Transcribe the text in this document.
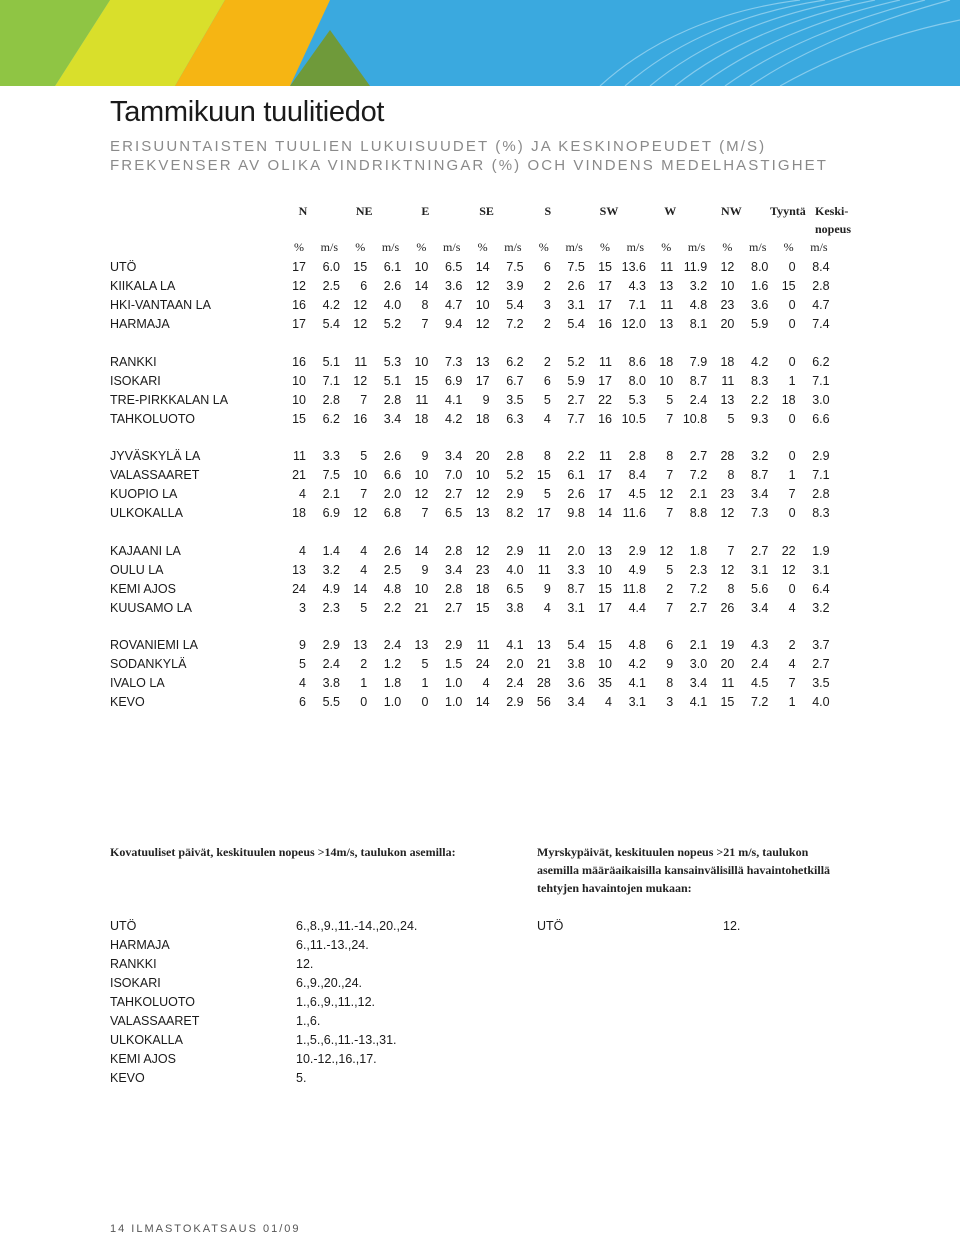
Tammikuun tuulitiedot

ERISUUNTAISTEN TUULIEN LUKUISUUDET (%) JA KESKINOPEUDET (M/S)

FREKVENSER AV OLIKA VINDRIKTNINGAR (%) OCH VINDENS MEDELHASTIGHET

N	NE	E	SE	S	SW	W	NW	Tyyntä Keski-
nopeus
%	m/s	%	m/s	%	m/s	%	m/s	%	m/s	%	m/s	%	m/s	%	m/s	%	m/s
UTÖ	17	6.0	15	6.1	10	6.5	14	7.5	6	7.5	15 13.6	11 11.9	12	8.0	0	8.4
KIIKALA LA	12	2.5	6	2.6	14	3.6	12	3.9	2	2.6	17	4.3	13	3.2	10	1.6	15	2.8
HKI-VANTAAN LA	16	4.2	12	4.0	8	4.7	10	5.4	3	3.1	17	7.1	11	4.8	23	3.6	0	4.7
HARMAJA	17	5.4	12	5.2	7	9.4	12	7.2	2	5.4	16 12.0	13	8.1	20	5.9	0	7.4
RANKKI	16	5.1	11	5.3	10	7.3	13	6.2	2	5.2	11	8.6	18	7.9	18	4.2	0	6.2
ISOKARI	10	7.1	12	5.1	15	6.9	17	6.7	6	5.9	17	8.0	10	8.7	11	8.3	1	7.1
TRE-PIRKKALAN LA	10	2.8	7	2.8	11	4.1	9	3.5	5	2.7	22	5.3	5	2.4	13	2.2	18	3.0
TAHKOLUOTO	15	6.2	16	3.4	18	4.2	18	6.3	4	7.7	16 10.5	7 10.8	5	9.3	0	6.6
JYVÄSKYLÄ LA	11	3.3	5	2.6	9	3.4	20	2.8	8	2.2	11	2.8	8	2.7	28	3.2	0	2.9
VALASSAARET	21	7.5	10	6.6	10	7.0	10	5.2	15	6.1	17	8.4	7	7.2	8	8.7	1	7.1
KUOPIO LA	4	2.1	7	2.0	12	2.7	12	2.9	5	2.6	17	4.5	12	2.1	23	3.4	7	2.8
ULKOKALLA	18	6.9	12	6.8	7	6.5	13	8.2	17	9.8	14 11.6	7	8.8	12	7.3	0	8.3
KAJAANI LA	4	1.4	4	2.6	14	2.8	12	2.9	11	2.0	13	2.9	12	1.8	7	2.7	22	1.9
OULU LA	13	3.2	4	2.5	9	3.4	23	4.0	11	3.3	10	4.9	5	2.3	12	3.1	12	3.1
KEMI AJOS	24	4.9	14	4.8	10	2.8	18	6.5	9	8.7	15 11.8	2	7.2	8	5.6	0	6.4
KUUSAMO LA	3	2.3	5	2.2	21	2.7	15	3.8	4	3.1	17	4.4	7	2.7	26	3.4	4	3.2
ROVANIEMI LA	9	2.9	13	2.4	13	2.9	11	4.1	13	5.4	15	4.8	6	2.1	19	4.3	2	3.7
SODANKYLÄ	5	2.4	2	1.2	5	1.5	24	2.0	21	3.8	10	4.2	9	3.0	20	2.4	4	2.7
IVALO LA	4	3.8	1	1.8	1	1.0	4	2.4	28	3.6	35	4.1	8	3.4	11	4.5	7	3.5
KEVO	6	5.5	0	1.0	0	1.0	14	2.9	56	3.4	4	3.1	3	4.1	15	7.2	1	4.0
Kovatuuliset päivät, keskituulen nopeus >14m/s, taulukon asemilla:
UTÖ	6.,8.,9.,11.-14.,20.,24.
HARMAJA	6.,11.-13.,24.
RANKKI	12.
ISOKARI	6.,9.,20.,24.
TAHKOLUOTO	1.,6.,9.,11.,12.
VALASSAARET	1.,6.
ULKOKALLA	1.,5.,6.,11.-13.,31.
KEMI AJOS	10.-12.,16.,17.
KEVO	5.
Myrskypäivät, keskituulen nopeus >21 m/s, taulukon
asemilla määräaikaisilla kansainvälisillä havaintohetkillä
tehtyjen havaintojen mukaan:
UTÖ	12.
14 ILMASTOKATSAUS 01/09
